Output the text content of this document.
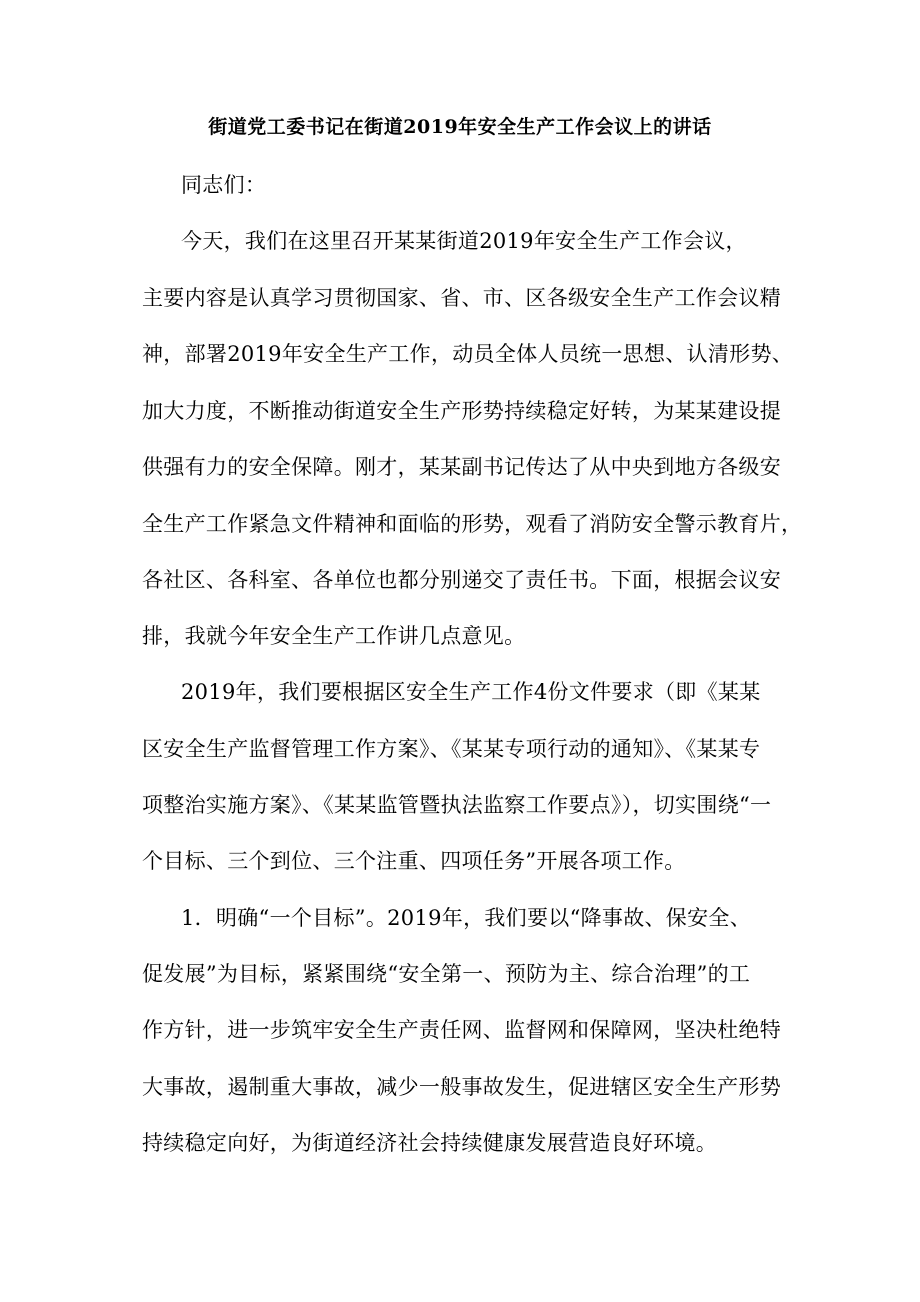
街道党工委书记在街道2019年安全生产工作会议上的讲话
同志们：
今天，我们在这里召开某某街道2019年安全生产工作会议，
主要内容是认真学习贯彻国家、省、市、区各级安全生产工作会议精
神，部署2019年安全生产工作，动员全体人员统一思想、认清形势、
加大力度，不断推动街道安全生产形势持续稳定好转，为某某建设提
供强有力的安全保障。刚才，某某副书记传达了从中央到地方各级安
全生产工作紧急文件精神和面临的形势，观看了消防安全警示教育片，
各社区、各科室、各单位也都分别递交了责任书。下面，根据会议安
排，我就今年安全生产工作讲几点意见。
2019年，我们要根据区安全生产工作4份文件要求（即《某某
区安全生产监督管理工作方案》、《某某专项行动的通知》、《某某专
项整治实施方案》、《某某监管暨执法监察工作要点》），切实围绕“一
个目标、三个到位、三个注重、四项任务”开展各项工作。
1．明确“一个目标”。2019年，我们要以“降事故、保安全、
促发展”为目标，紧紧围绕“安全第一、预防为主、综合治理”的工
作方针，进一步筑牢安全生产责任网、监督网和保障网，坚决杜绝特
大事故，遏制重大事故，减少一般事故发生，促进辖区安全生产形势
持续稳定向好，为街道经济社会持续健康发展营造良好环境。
